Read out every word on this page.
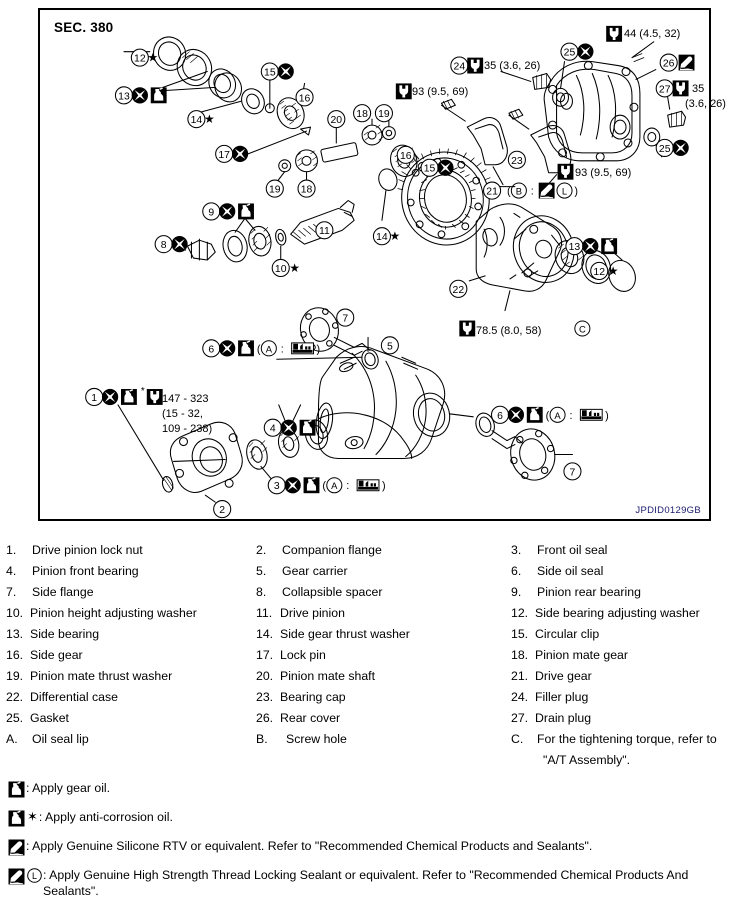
SEC. 380
JPDID0129GB
12
13
14
15
16
17
19 18
20
18 19
16
15
14
9
8
10
11
7
5
6
22
21
13
12
24
25
25
26
27
23
1
2
3
4
6
7
★
★
★
★
( B :	L )
★
C
*
( A :	)
( A :	)
( A :	)
44 (4.5, 32)
35 (3.6, 26)
35
(3.6, 26)
93 (9.5, 69)
93 (9.5, 69)
78.5 (8.0, 58)
147 - 323
(15 - 32,
109 - 238)
1.	Drive pinion lock nut	2.	Companion flange	3.	Front oil seal
4.	Pinion front bearing	5.	Gear carrier	6.	Side oil seal
7.	Side flange	8.	Collapsible spacer	9.	Pinion rear bearing
10. Pinion height adjusting washer	11. Drive pinion	12. Side bearing adjusting washer
13. Side bearing	14. Side gear thrust washer	15. Circular clip
16. Side gear	17. Lock pin	18. Pinion mate gear
19. Pinion mate thrust washer	20. Pinion mate shaft	21. Drive gear
22. Differential case	23. Bearing cap	24. Filler plug
25. Gasket	26. Rear cover	27. Drain plug
A.	Oil seal lip	B.	Screw hole	C.	For the tightening torque, refer to
"A/T Assembly".
: Apply gear oil.
✶ : Apply anti-corrosion oil.
: Apply Genuine Silicone RTV or equivalent. Refer to "Recommended Chemical Products and Sealants".
L : Apply Genuine High Strength Thread Locking Sealant or equivalent. Refer to "Recommended Chemical Products And Sealants".
